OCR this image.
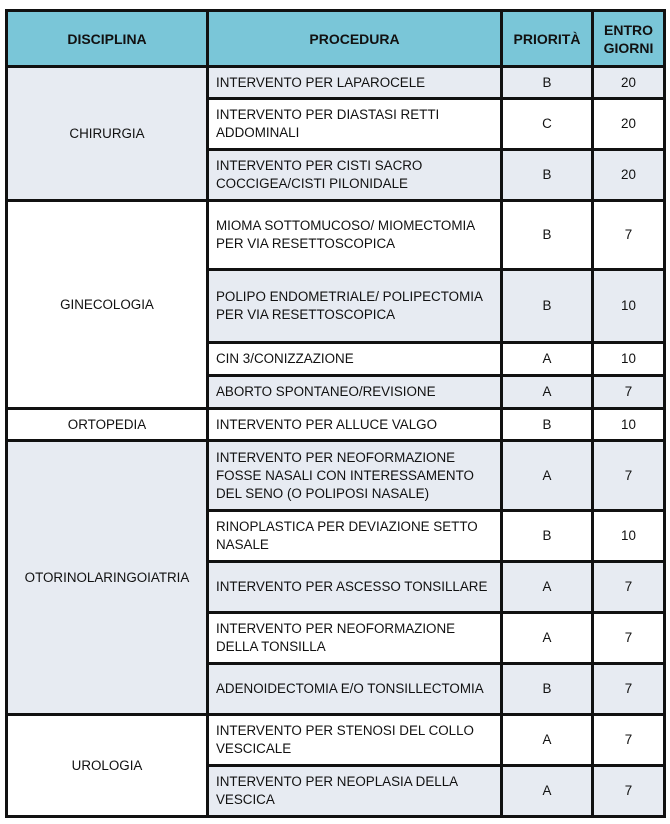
DISCIPLINA	PROCEDURA	PRIORITÀ	ENTRO
GIORNI
CHIRURGIA	INTERVENTO PER LAPAROCELE	B	20
	INTERVENTO PER DIASTASI RETTI ADDOMINALI	C	20
	INTERVENTO PER CISTI SACRO COCCIGEA/CISTI PILONIDALE	B	20
GINECOLOGIA	MIOMA SOTTOMUCOSO/ MIOMECTOMIA PER VIA RESETTOSCOPICA	B	7
	POLIPO ENDOMETRIALE/ POLIPECTOMIA PER VIA RESETTOSCOPICA	B	10
	CIN 3/CONIZZAZIONE	A	10
	ABORTO SPONTANEO/REVISIONE	A	7
ORTOPEDIA	INTERVENTO PER ALLUCE VALGO	B	10
OTORINOLARINGOIATRIA	INTERVENTO PER NEOFORMAZIONE FOSSE NASALI CON INTERESSAMENTO DEL SENO (O POLIPOSI NASALE)	A	7
	RINOPLASTICA PER DEVIAZIONE SETTO NASALE	B	10
	INTERVENTO PER ASCESSO TONSILLARE	A	7
	INTERVENTO PER NEOFORMAZIONE DELLA TONSILLA	A	7
	ADENOIDECTOMIA E/O TONSILLECTOMIA	B	7
UROLOGIA	INTERVENTO PER STENOSI DEL COLLO VESCICALE	A	7
	INTERVENTO PER NEOPLASIA DELLA VESCICA	A	7
